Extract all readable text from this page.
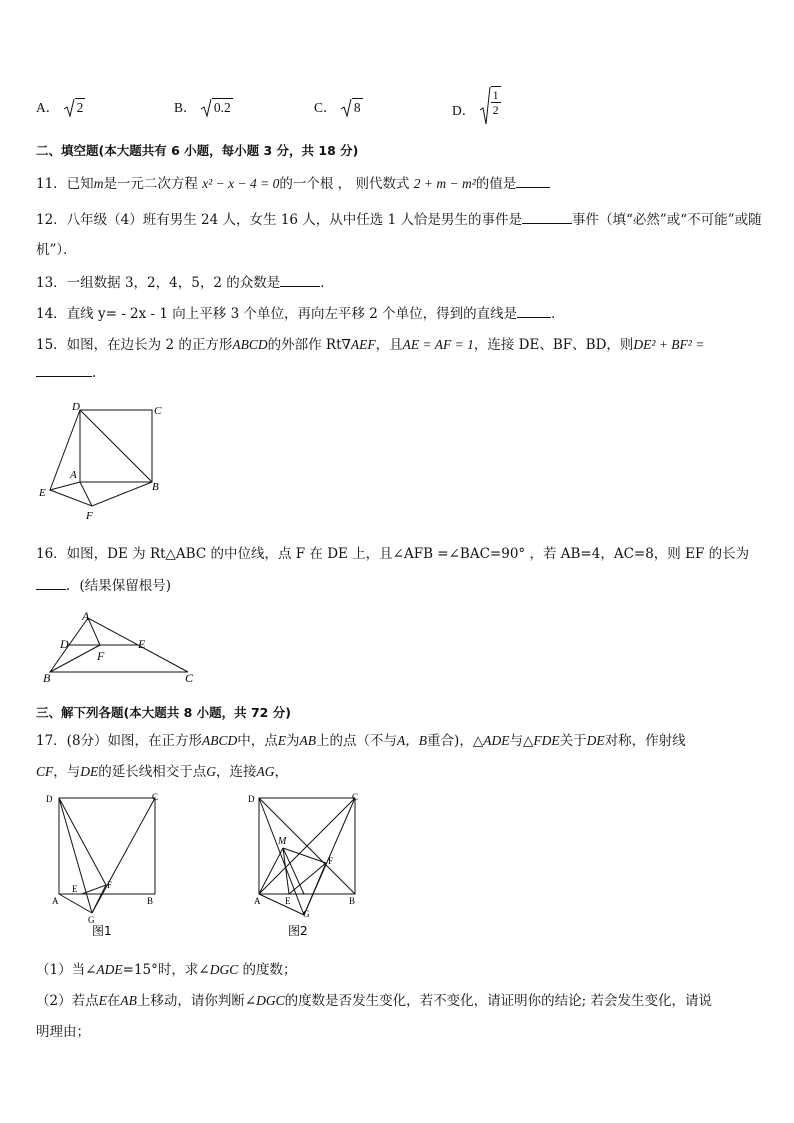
A． 2	B． 0.2	C． 8	D． $\frac{1}{2}$
二、填空题(本大题共有 6 小题，每小题 3 分，共 18 分)
11．已知m是一元二次方程 x² − x − 4 = 0的一个根 ， 则代数式 2 + m − m²的值是
12．八年级（4）班有男生 24 人，女生 16 人，从中任选 1 人恰是男生的事件是	事件（填“必然”或“不可能”或随
机”）．
13．一组数据 3，2，4，5，2 的众数是	．
14．直线 y= - 2x - 1 向上平移 3 个单位，再向左平移 2 个单位，得到的直线是	．
15．如图，在边长为 2 的正方形ABCD的外部作 Rt∇AEF，且AE = AF = 1，连接 DE、BF、BD，则DE² + BF² =
.
D	C
A
B
E
F
16．如图，DE 为 Rt△ABC 的中位线，点 F 在 DE 上，且∠AFB =∠BAC=90° ，若 AB=4，AC=8，则 EF 的长为
．(结果保留根号)
A
D	E
F
B	C
三、解下列各题(本大题共 8 小题，共 72 分)
17．(8分）如图，在正方形ABCD中，点E为AB上的点（不与A，B重合)，△ADE与△FDE关于DE对称，作射线
CF，与DE的延长线相交于点G，连接AG，
D	C
A
E	F
B
G
图1
D	C
M
F
A	E
G
B
图2
（1）当∠ADE=15°时，求∠DGC 的度数；
（2）若点E在AB上移动，请你判断∠DGC的度数是否发生变化，若不变化，请证明你的结论; 若会发生变化，请说
明理由；
